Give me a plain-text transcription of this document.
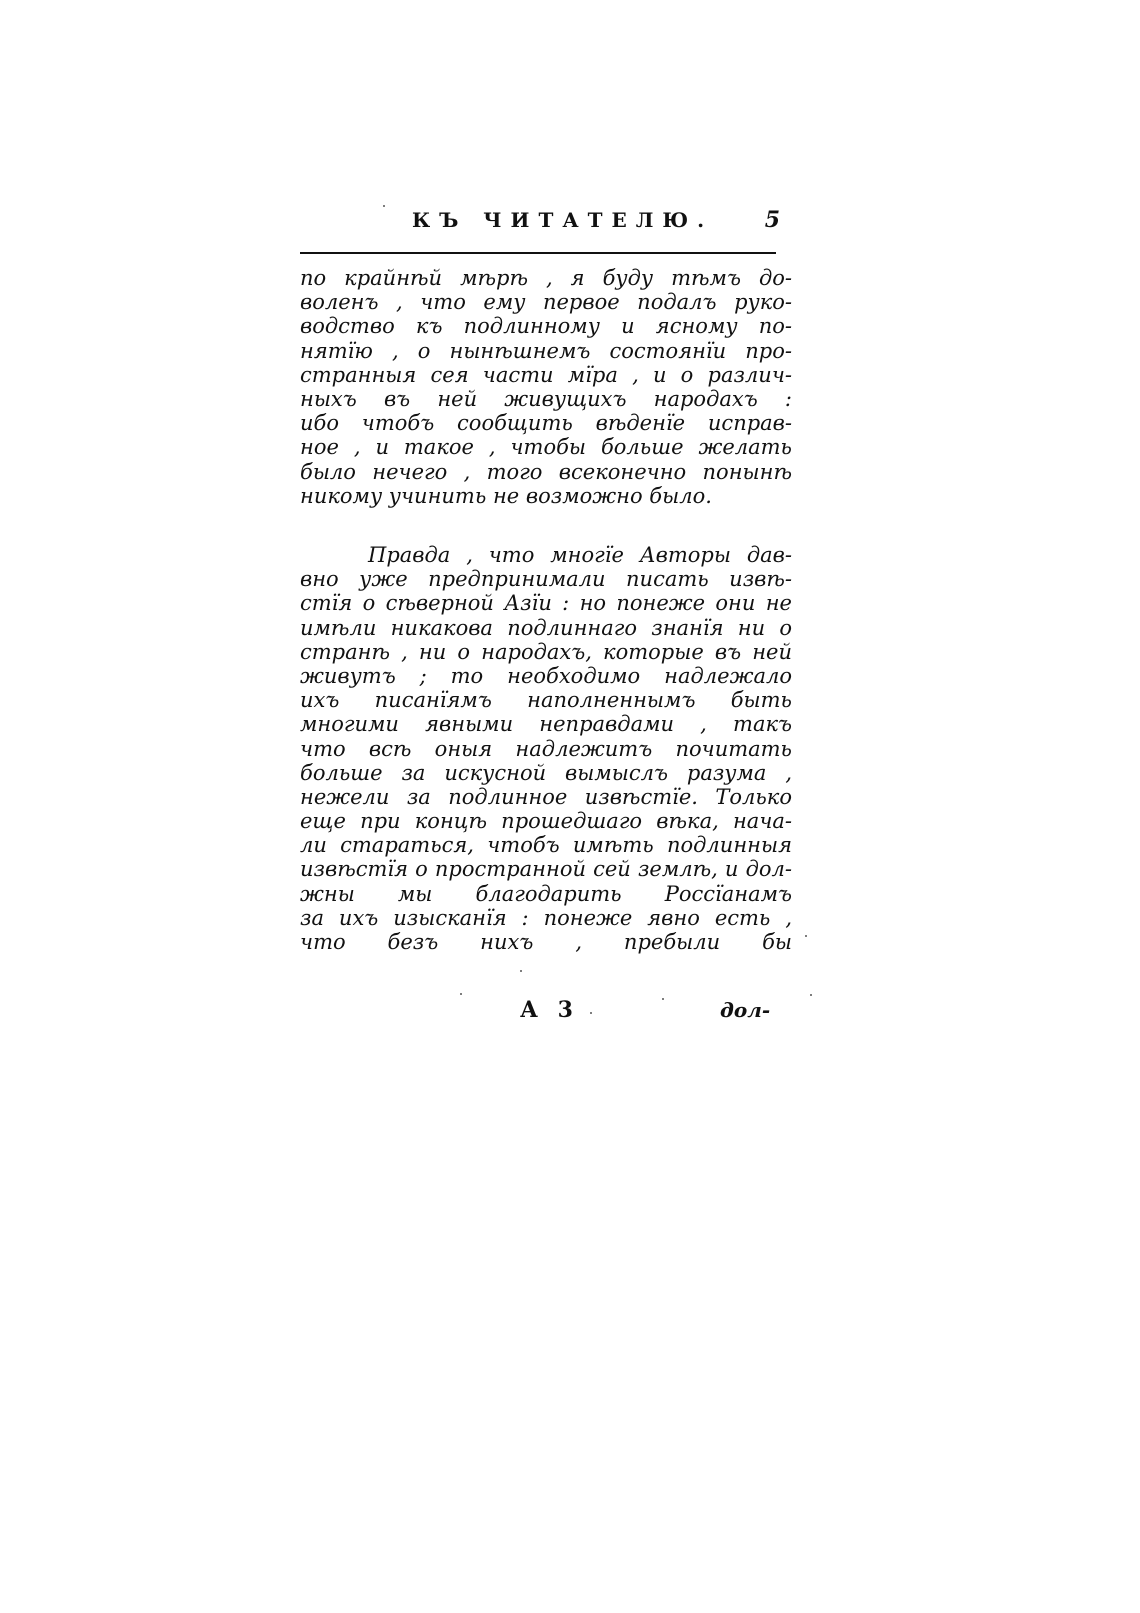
КЪ ЧИТАТЕЛЮ. 5
по крайнѣй мѣрѣ , я буду тѣмъ до-
воленъ , что ему первое подалъ руко-
водство къ подлинному и ясному по-
нятїю , о нынѣшнемъ состоянїи про-
странныя сея части мїра , и о различ-
ныхъ въ ней живущихъ народахъ :
ибо чтобъ сообщить вѣденїе исправ-
ное , и такое , чтобы больше желать
было нечего , того всеконечно понынѣ
никому учинить не возможно было.
Правда , что многїе Авторы дав-
вно уже предпринимали писать извѣ-
стїя о сѣверной Азїи : но понеже они не
имѣли никакова подлиннаго знанїя ни о
странѣ , ни о народахъ, которые въ ней
живутъ ; то необходимо надлежало
ихъ писанїямъ наполненнымъ быть
многими явными неправдами , такъ
что всѣ оныя надлежитъ почитать
больше за искусной вымыслъ разума ,
нежели за подлинное извѣстїе. Только
еще при концѣ прошедшаго вѣка, нача-
ли стараться, чтобъ имѣть подлинныя
извѣстїя о пространной сей землѣ, и дол-
жны мы благодарить Россїанамъ
за ихъ изысканїя : понеже явно есть ,
что безъ нихъ , пребыли бы
А 3	дол-
